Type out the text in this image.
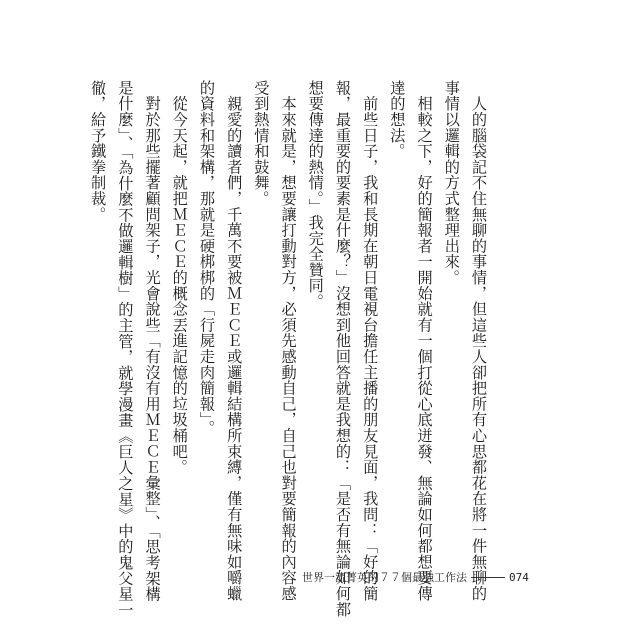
　人的腦袋記不住無聊的事情，但這些人卻把所有心思都花在將一件無聊的
事情以邏輯的方式整理出來。
　相較之下，好的簡報者一開始就有一個打從心底迸發、無論如何都想要傳
達的想法。
　前些日子，我和長期在朝日電視台擔任主播的朋友見面，我問：「好的簡
報，最重要的要素是什麼？」沒想到他回答就是我想的：「是否有無論如何都
想要傳達的熱情。」我完全贊同。
　本來就是，想要讓打動對方，必須先感動自己，自己也對要簡報的內容感
受到熱情和鼓舞。
　親愛的讀者們，千萬不要被ＭＥＣＥ或邏輯結構所束縛，僅有無味如嚼蠟
的資料和架構，那就是硬梆梆的「行屍走肉簡報」。
　從今天起，就把ＭＥＣＥ的概念丟進記憶的垃圾桶吧。
　對於那些擺著顧問架子，光會說些「有沒有用ＭＥＣＥ彙整」、「思考架構
是什麼」、「為什麼不做邏輯樹」的主管，就學漫畫《巨人之星》中的鬼父星一
徹，給予鐵拳制裁。
世界一流菁英的７７個最強工作法	074
